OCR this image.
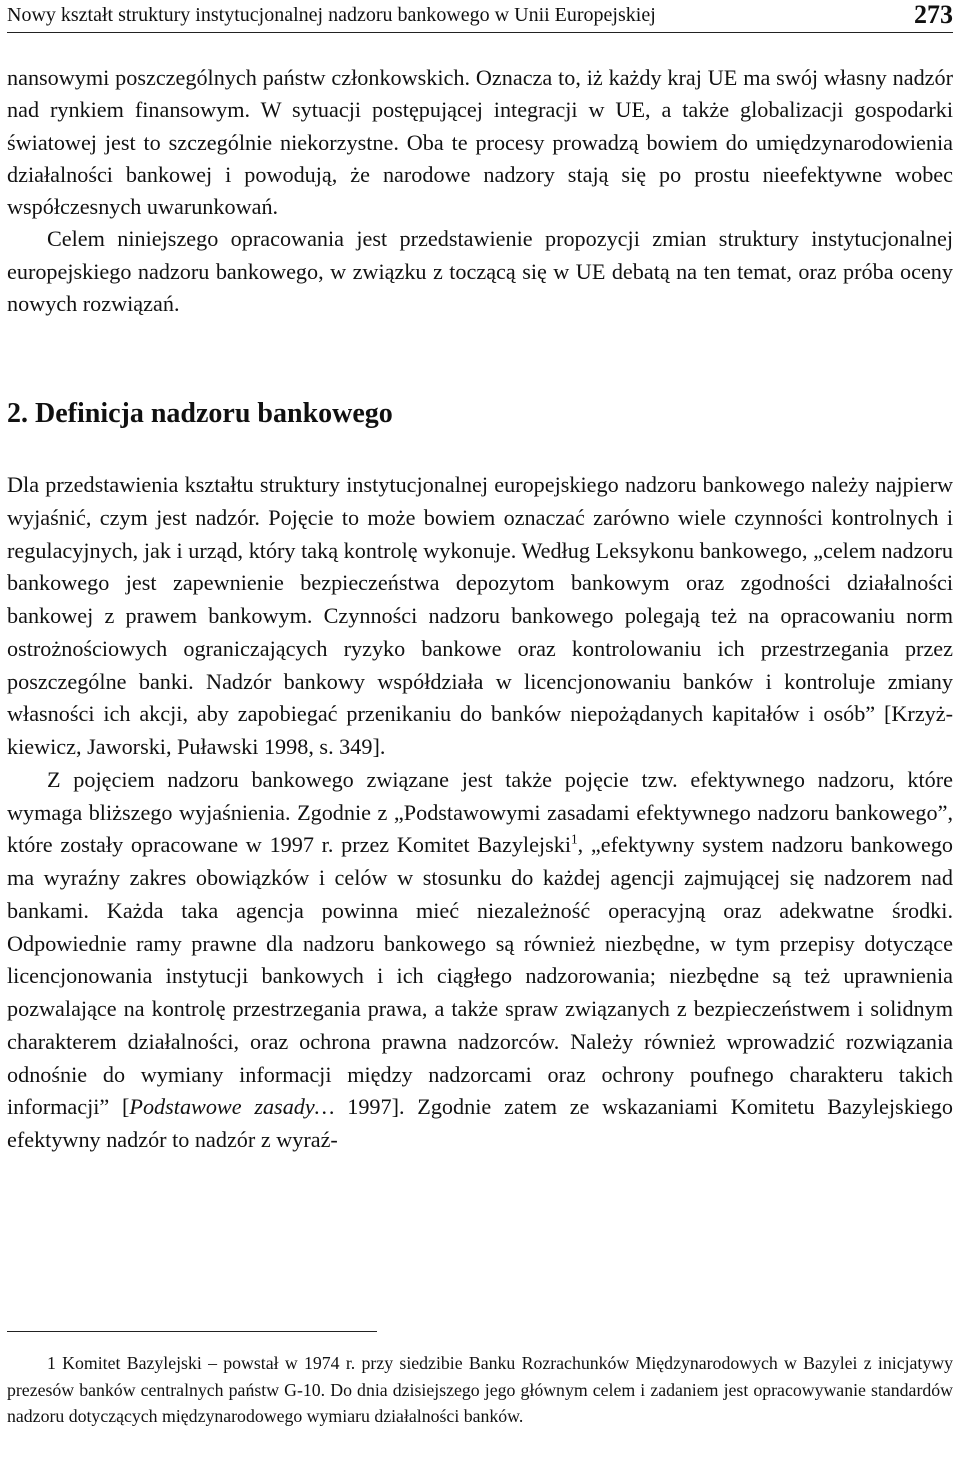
Nowy kształt struktury instytucjonalnej nadzoru bankowego w Unii Europejskiej	273

nansowymi poszczególnych państw członkowskich. Oznacza to, iż każdy kraj UE ma swój własny nadzór nad rynkiem finansowym. W sytuacji postępującej integracji w UE, a także globalizacji gospodarki światowej jest to szczególnie niekorzystne. Oba te procesy prowadzą bowiem do umiędzynarodowienia działalności bankowej i powodują, że narodowe nadzory stają się po prostu nieefektywne wobec współczesnych uwarunkowań.

Celem niniejszego opracowania jest przedstawienie propozycji zmian struktury instytucjonalnej europejskiego nadzoru bankowego, w związku z toczącą się w UE debatą na ten temat, oraz próba oceny nowych rozwiązań.

2. Definicja nadzoru bankowego

Dla przedstawienia kształtu struktury instytucjonalnej europejskiego nadzoru bankowego należy najpierw wyjaśnić, czym jest nadzór. Pojęcie to może bowiem oznaczać zarówno wiele czynności kontrolnych i regulacyjnych, jak i urząd, który taką kontrolę wykonuje. Według Leksykonu bankowego, „celem nadzoru bankowego jest zapewnienie bezpieczeństwa depozytom bankowym oraz zgodności działalności bankowej z prawem bankowym. Czynności nadzoru bankowego polegają też na opracowaniu norm ostrożnościowych ograniczających ryzyko bankowe oraz kontrolowaniu ich przestrzegania przez poszczególne banki. Nadzór bankowy współdziała w licencjonowaniu banków i kontroluje zmiany własności ich akcji, aby zapobiegać przenikaniu do banków niepożądanych kapitałów i osób” [Krzyżkiewicz, Jaworski, Puławski 1998, s. 349].

Z pojęciem nadzoru bankowego związane jest także pojęcie tzw. efektywnego nadzoru, które wymaga bliższego wyjaśnienia. Zgodnie z „Podstawowymi zasadami efektywnego nadzoru bankowego”, które zostały opracowane w 1997 r. przez Komitet Bazylejski$^1$, „efektywny system nadzoru bankowego ma wyraźny zakres obowiązków i celów w stosunku do każdej agencji zajmującej się nadzorem nad bankami. Każda taka agencja powinna mieć niezależność operacyjną oraz adekwatne środki. Odpowiednie ramy prawne dla nadzoru bankowego są również niezbędne, w tym przepisy dotyczące licencjonowania instytucji bankowych i ich ciągłego nadzorowania; niezbędne są też uprawnienia pozwalające na kontrolę przestrzegania prawa, a także spraw związanych z bezpieczeństwem i solidnym charakterem działalności, oraz ochrona prawna nadzorców. Należy również wprowadzić rozwiązania odnośnie do wymiany informacji między nadzorcami oraz ochrony poufnego charakteru takich informacji” [Podstawowe zasady… 1997]. Zgodnie zatem ze wskazaniami Komitetu Bazylejskiego efektywny nadzór to nadzór z wyraź-

1 Komitet Bazylejski – powstał w 1974 r. przy siedzibie Banku Rozrachunków Międzynarodowych w Bazylei z inicjatywy prezesów banków centralnych państw G-10. Do dnia dzisiejszego jego głównym celem i zadaniem jest opracowywanie standardów nadzoru dotyczących międzynarodowego wymiaru działalności banków.
